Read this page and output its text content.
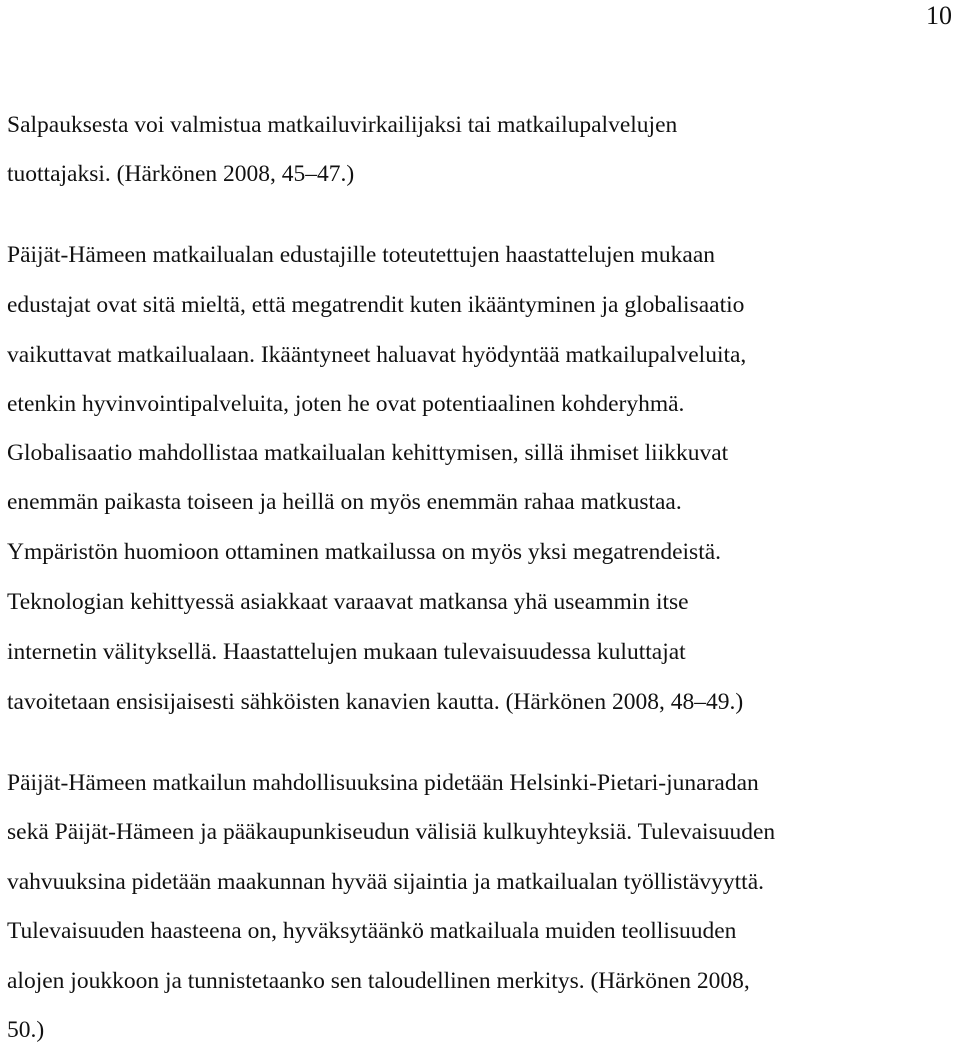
10
Salpauksesta voi valmistua matkailuvirkailijaksi tai matkailupalvelujen
tuottajaksi. (Härkönen 2008, 45–47.)
Päijät-Hämeen matkailualan edustajille toteutettujen haastattelujen mukaan
edustajat ovat sitä mieltä, että megatrendit kuten ikääntyminen ja globalisaatio
vaikuttavat matkailualaan. Ikääntyneet haluavat hyödyntää matkailupalveluita,
etenkin hyvinvointipalveluita, joten he ovat potentiaalinen kohderyhmä.
Globalisaatio mahdollistaa matkailualan kehittymisen, sillä ihmiset liikkuvat
enemmän paikasta toiseen ja heillä on myös enemmän rahaa matkustaa.
Ympäristön huomioon ottaminen matkailussa on myös yksi megatrendeistä.
Teknologian kehittyessä asiakkaat varaavat matkansa yhä useammin itse
internetin välityksellä. Haastattelujen mukaan tulevaisuudessa kuluttajat
tavoitetaan ensisijaisesti sähköisten kanavien kautta. (Härkönen 2008, 48–49.)
Päijät-Hämeen matkailun mahdollisuuksina pidetään Helsinki-Pietari-junaradan
sekä Päijät-Hämeen ja pääkaupunkiseudun välisiä kulkuyhteyksiä. Tulevaisuuden
vahvuuksina pidetään maakunnan hyvää sijaintia ja matkailualan työllistävyyttä.
Tulevaisuuden haasteena on, hyväksytäänkö matkailuala muiden teollisuuden
alojen joukkoon ja tunnistetaanko sen taloudellinen merkitys. (Härkönen 2008,
50.)
